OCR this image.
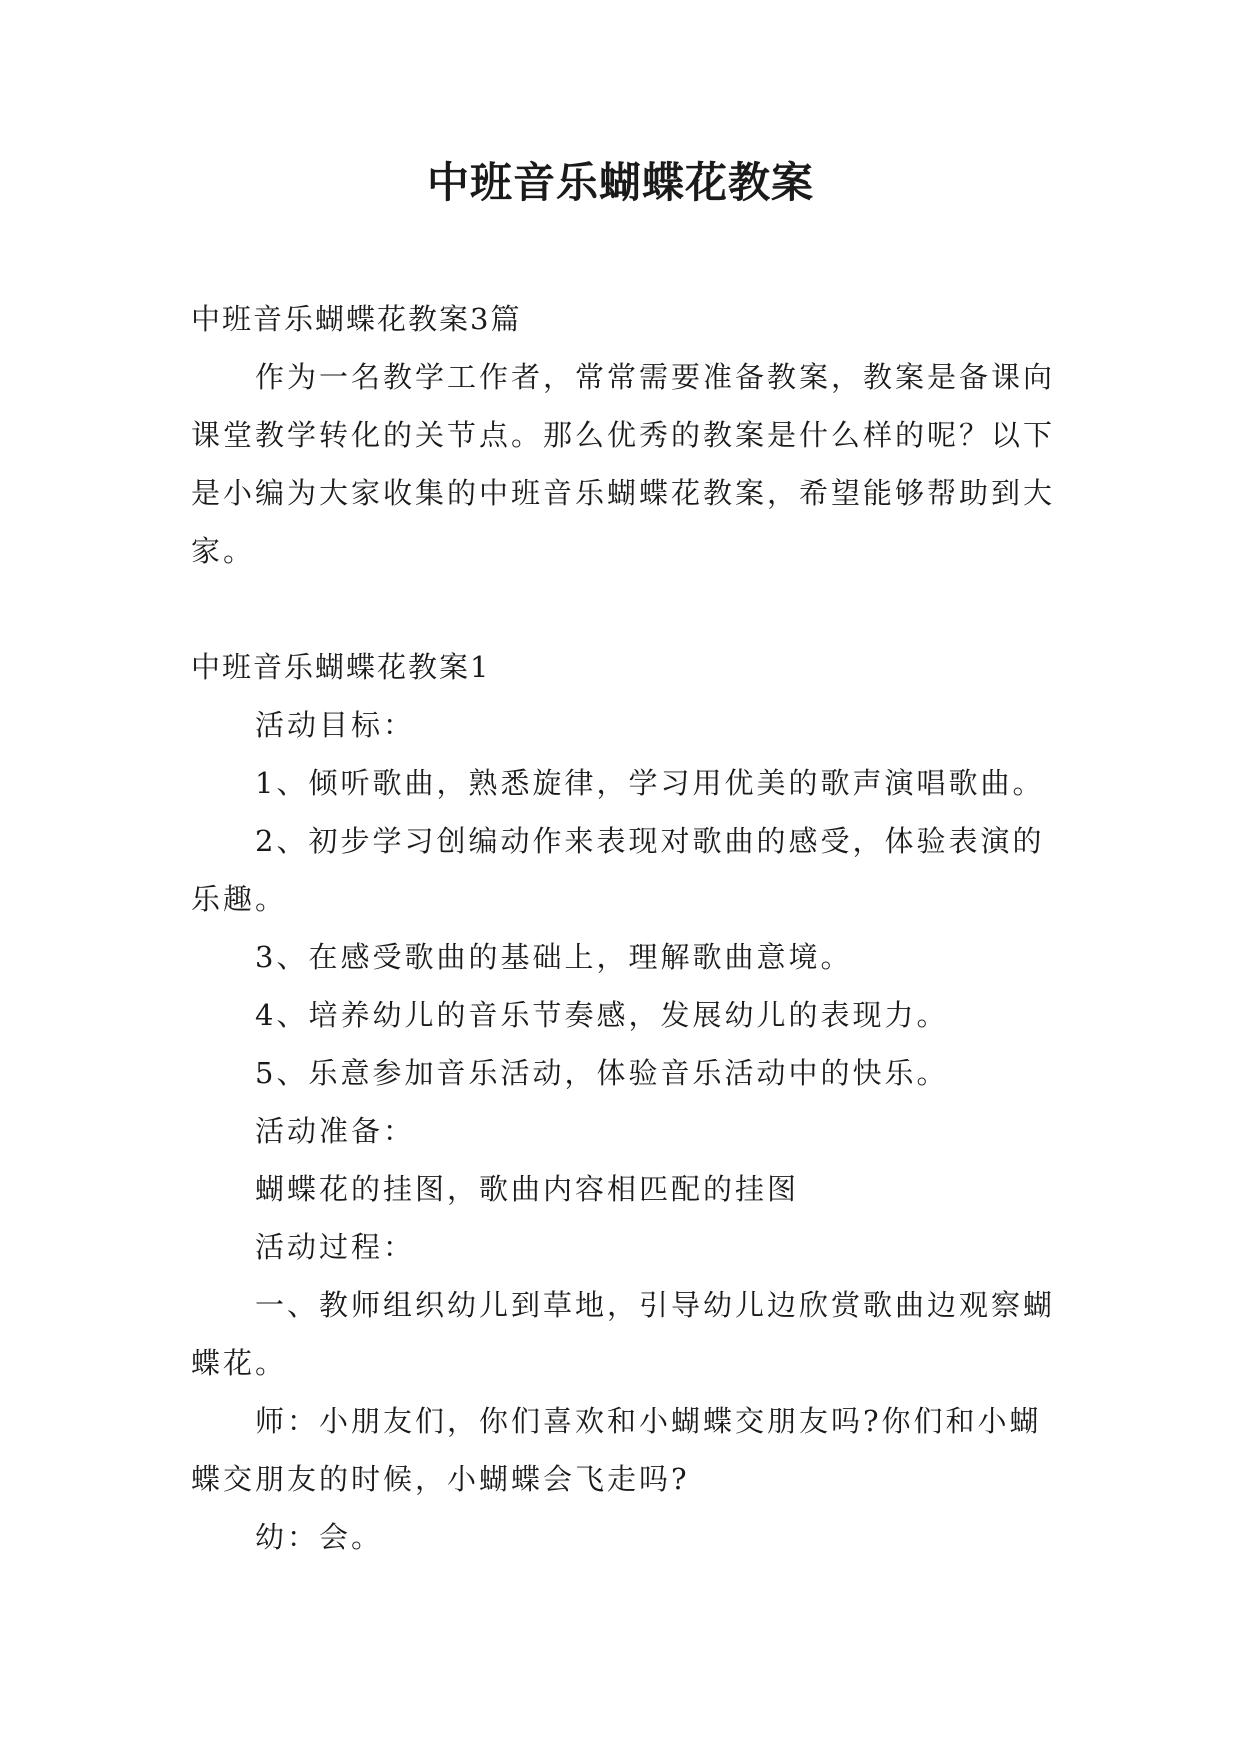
中班音乐蝴蝶花教案

中班音乐蝴蝶花教案3篇

作为一名教学工作者，常常需要准备教案，教案是备课向课堂教学转化的关节点。那么优秀的教案是什么样的呢？以下是小编为大家收集的中班音乐蝴蝶花教案，希望能够帮助到大家。

中班音乐蝴蝶花教案1

活动目标：

1、倾听歌曲，熟悉旋律，学习用优美的歌声演唱歌曲。

2、初步学习创编动作来表现对歌曲的感受，体验表演的乐趣。

3、在感受歌曲的基础上，理解歌曲意境。

4、培养幼儿的音乐节奏感，发展幼儿的表现力。

5、乐意参加音乐活动，体验音乐活动中的快乐。

活动准备：

蝴蝶花的挂图，歌曲内容相匹配的挂图

活动过程：

一、教师组织幼儿到草地，引导幼儿边欣赏歌曲边观察蝴蝶花。

师：小朋友们，你们喜欢和小蝴蝶交朋友吗?你们和小蝴蝶交朋友的时候，小蝴蝶会飞走吗?

幼：会。
